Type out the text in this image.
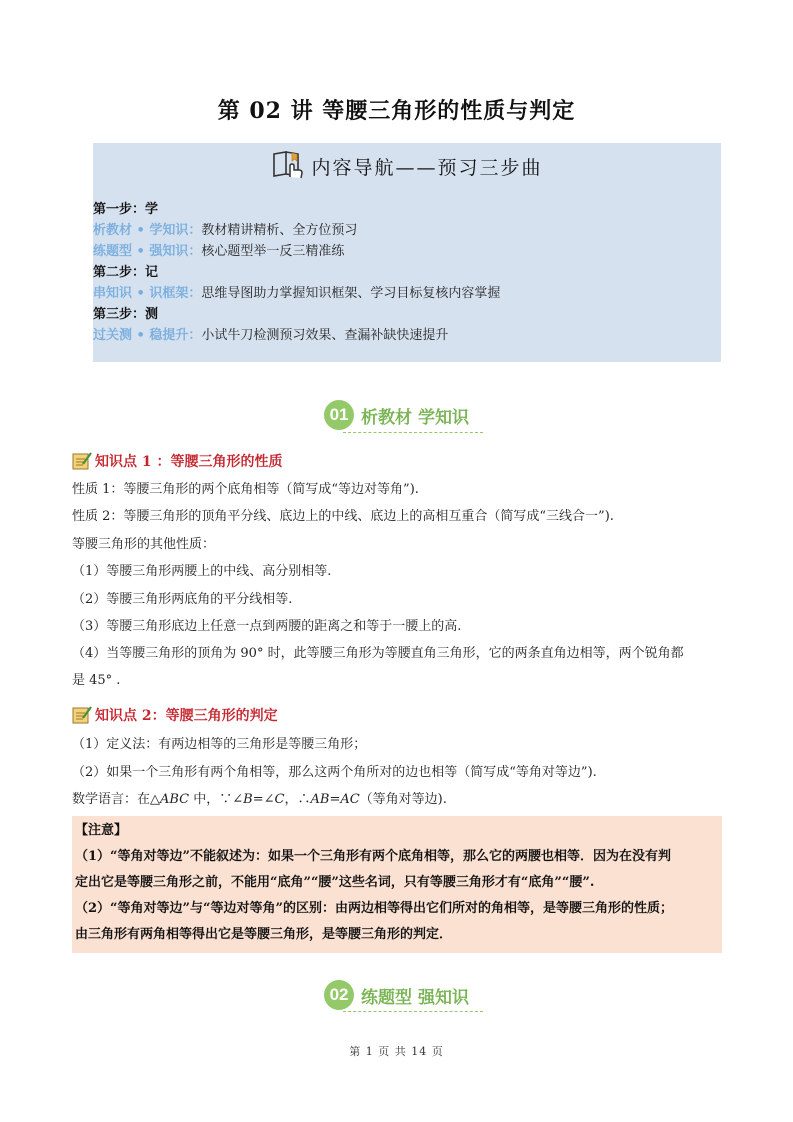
第 02 讲 等腰三角形的性质与判定
内容导航——预习三步曲
第一步：学
析教材 • 学知识：教材精讲精析、全方位预习
练题型 • 强知识：核心题型举一反三精准练
第二步：记
串知识 • 识框架：思维导图助力掌握知识框架、学习目标复核内容掌握
第三步：测
过关测 • 稳提升：小试牛刀检测预习效果、查漏补缺快速提升
01 析教材 学知识
知识点 1 ：等腰三角形的性质
性质 1：等腰三角形的两个底角相等（简写成“等边对等角”).
性质 2：等腰三角形的顶角平分线、底边上的中线、底边上的高相互重合（简写成“三线合一”).
等腰三角形的其他性质：
（1）等腰三角形两腰上的中线、高分别相等.
（2）等腰三角形两底角的平分线相等.
（3）等腰三角形底边上任意一点到两腰的距离之和等于一腰上的高.
（4）当等腰三角形的顶角为 90° 时，此等腰三角形为等腰直角三角形，它的两条直角边相等，两个锐角都
是 45° .
知识点 2：等腰三角形的判定
（1）定义法：有两边相等的三角形是等腰三角形；
（2）如果一个三角形有两个角相等，那么这两个角所对的边也相等（简写成“等角对等边”).
数学语言：在△ABC 中，∵∠B=∠C，∴AB=AC（等角对等边).
【注意】
（1）“等角对等边”不能叙述为：如果一个三角形有两个底角相等，那么它的两腰也相等．因为在没有判
定出它是等腰三角形之前，不能用“底角”“腰”这些名词，只有等腰三角形才有“底角”“腰”.
（2）“等角对等边”与“等边对等角”的区别：由两边相等得出它们所对的角相等，是等腰三角形的性质；
由三角形有两角相等得出它是等腰三角形，是等腰三角形的判定．
02 练题型 强知识
第 1 页 共 14 页
